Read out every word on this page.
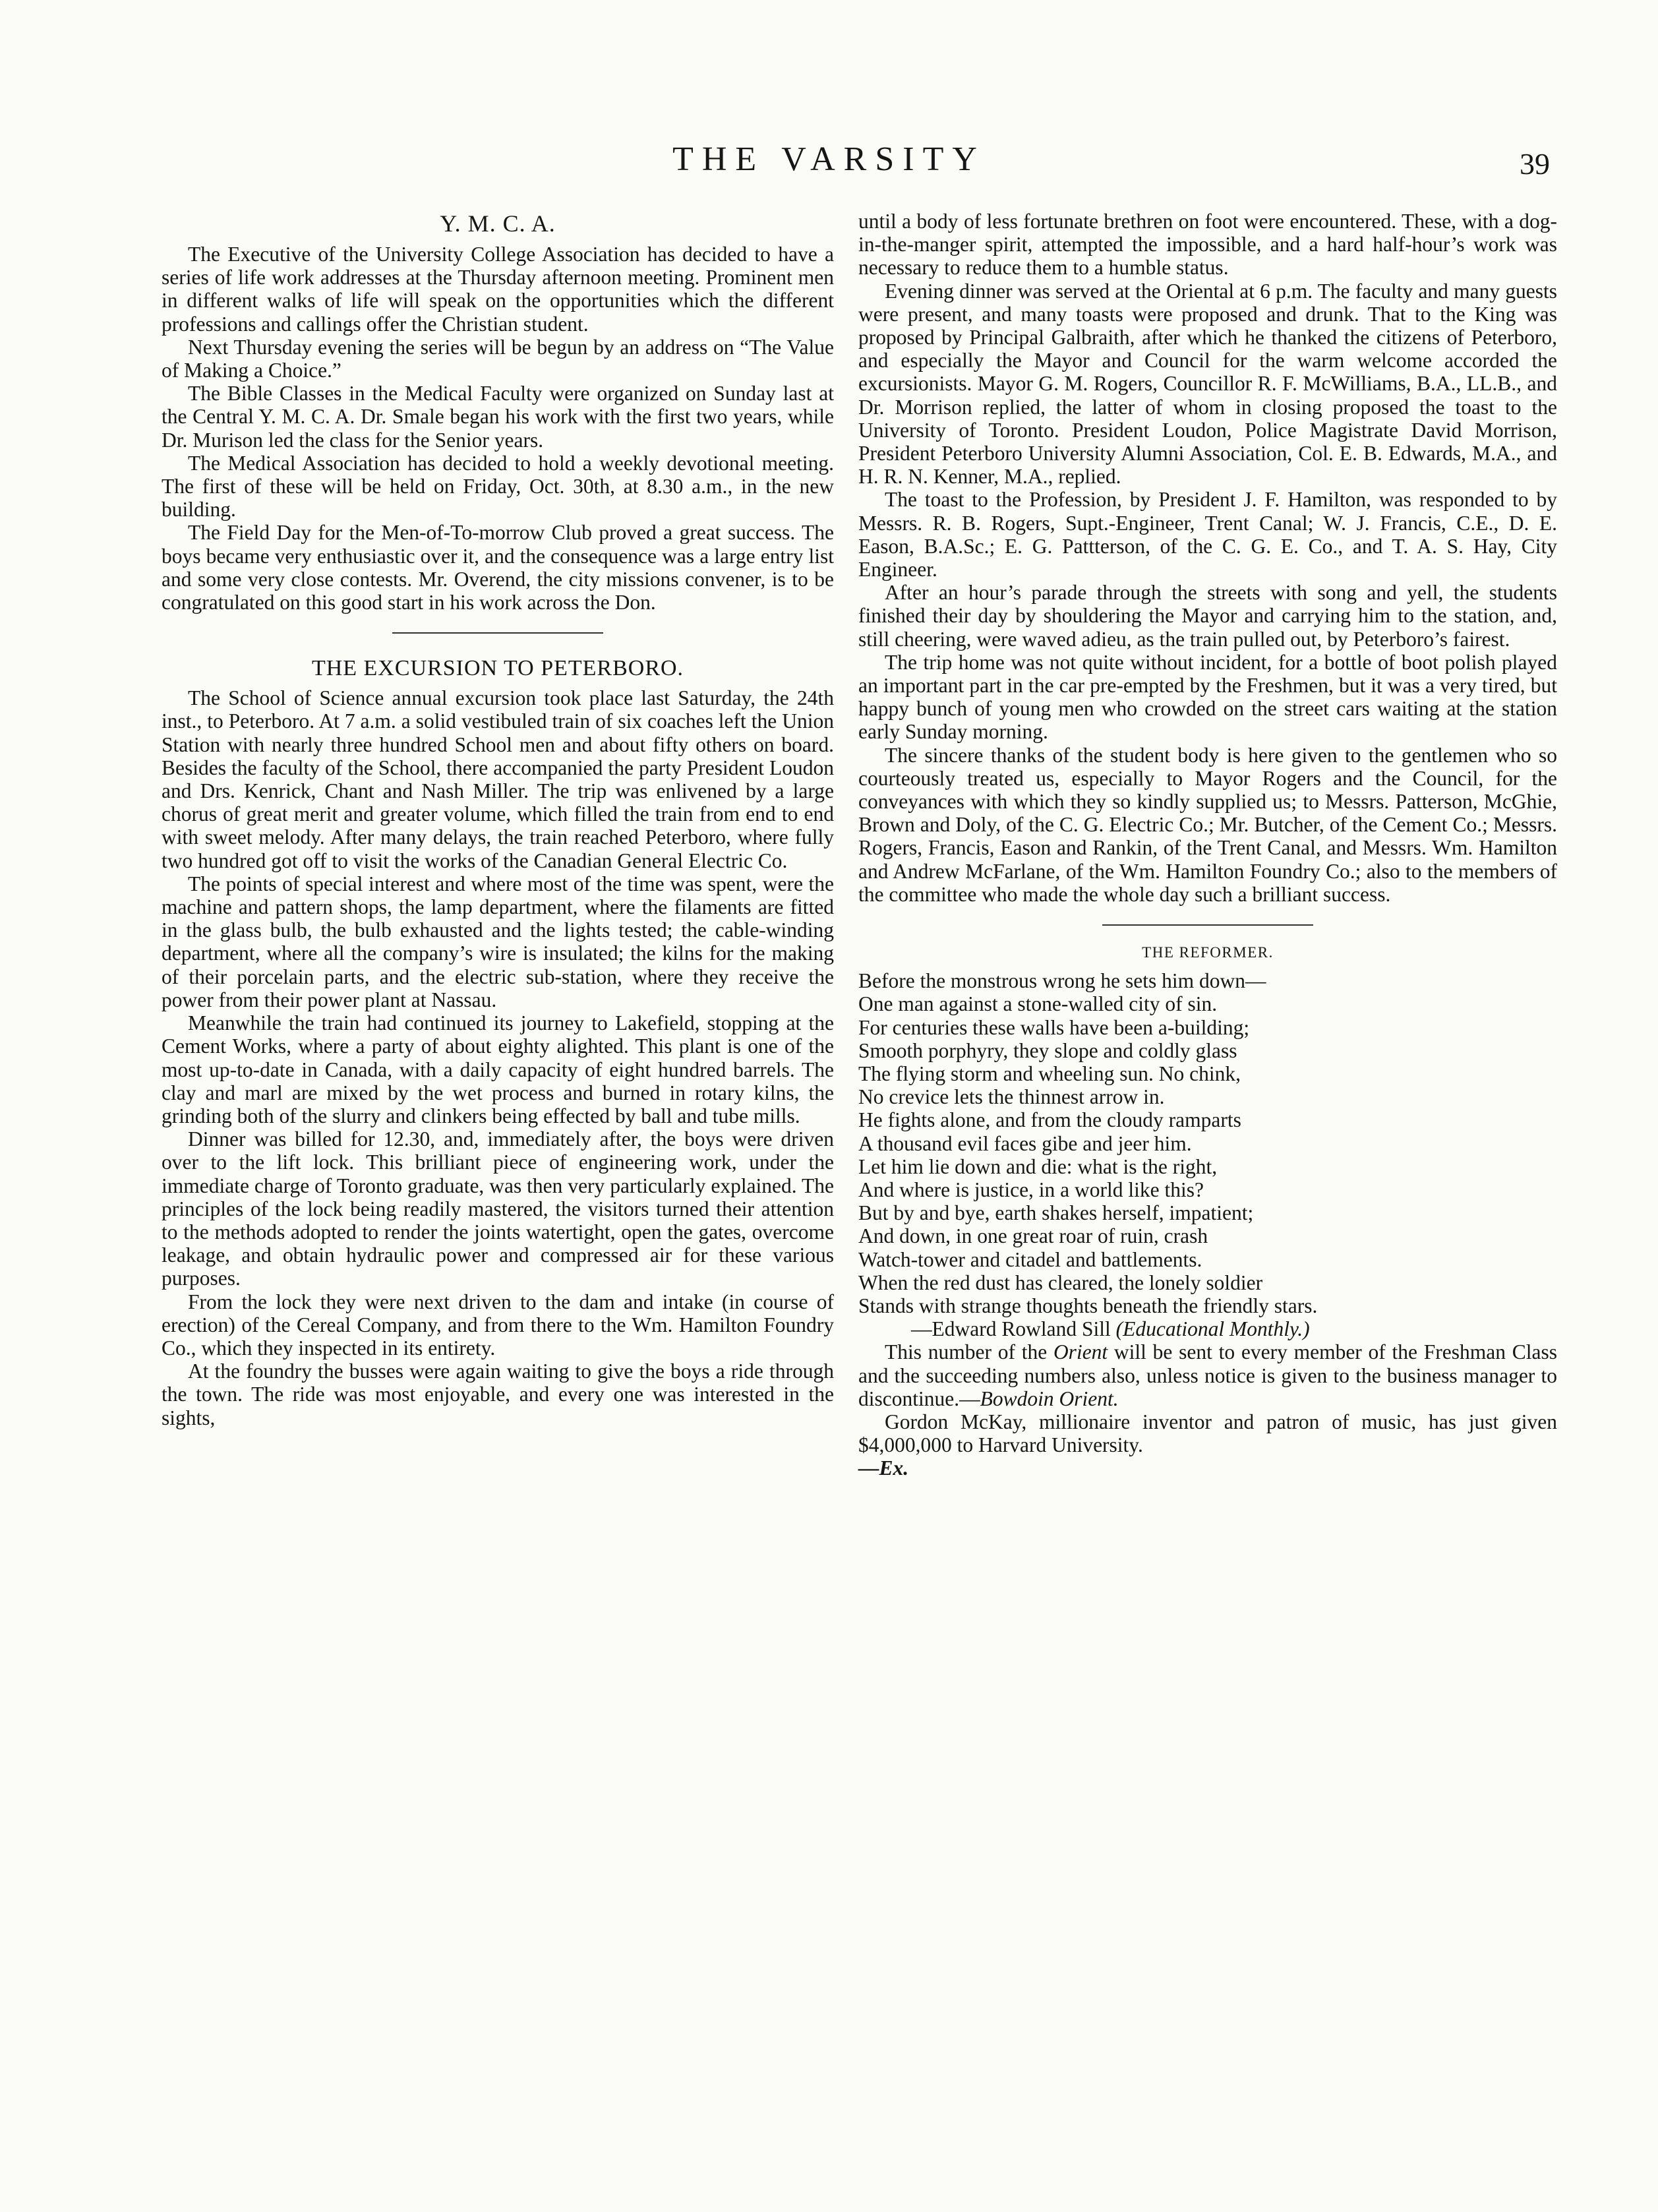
THE VARSITY	39
Y. M. C. A.

The Executive of the University College Association has decided to have a series of life work addresses at the Thursday afternoon meeting. Prominent men in different walks of life will speak on the opportunities which the different professions and callings offer the Christian student.

Next Thursday evening the series will be begun by an address on “The Value of Making a Choice.”

The Bible Classes in the Medical Faculty were organized on Sunday last at the Central Y. M. C. A. Dr. Smale began his work with the first two years, while Dr. Murison led the class for the Senior years.

The Medical Association has decided to hold a weekly devotional meeting. The first of these will be held on Friday, Oct. 30th, at 8.30 a.m., in the new building.

The Field Day for the Men-of-To-morrow Club proved a great success. The boys became very enthusiastic over it, and the consequence was a large entry list and some very close contests. Mr. Overend, the city missions convener, is to be congratulated on this good start in his work across the Don.

THE EXCURSION TO PETERBORO.

The School of Science annual excursion took place last Saturday, the 24th inst., to Peterboro. At 7 a.m. a solid vestibuled train of six coaches left the Union Station with nearly three hundred School men and about fifty others on board. Besides the faculty of the School, there accompanied the party President Loudon and Drs. Kenrick, Chant and Nash Miller. The trip was enlivened by a large chorus of great merit and greater volume, which filled the train from end to end with sweet melody. After many delays, the train reached Peterboro, where fully two hundred got off to visit the works of the Canadian General Electric Co.

The points of special interest and where most of the time was spent, were the machine and pattern shops, the lamp department, where the filaments are fitted in the glass bulb, the bulb exhausted and the lights tested; the cable-winding department, where all the company’s wire is insulated; the kilns for the making of their porcelain parts, and the electric sub-station, where they receive the power from their power plant at Nassau.

Meanwhile the train had continued its journey to Lakefield, stopping at the Cement Works, where a party of about eighty alighted. This plant is one of the most up-to-date in Canada, with a daily capacity of eight hundred barrels. The clay and marl are mixed by the wet process and burned in rotary kilns, the grinding both of the slurry and clinkers being effected by ball and tube mills.

Dinner was billed for 12.30, and, immediately after, the boys were driven over to the lift lock. This brilliant piece of engineering work, under the immediate charge of Toronto graduate, was then very particularly explained. The principles of the lock being readily mastered, the visitors turned their attention to the methods adopted to render the joints watertight, open the gates, overcome leakage, and obtain hydraulic power and compressed air for these various purposes.

From the lock they were next driven to the dam and intake (in course of erection) of the Cereal Company, and from there to the Wm. Hamilton Foundry Co., which they inspected in its entirety.

At the foundry the busses were again waiting to give the boys a ride through the town. The ride was most enjoyable, and every one was interested in the sights,

until a body of less fortunate brethren on foot were encountered. These, with a dog-in-the-manger spirit, attempted the impossible, and a hard half-hour’s work was necessary to reduce them to a humble status.

Evening dinner was served at the Oriental at 6 p.m. The faculty and many guests were present, and many toasts were proposed and drunk. That to the King was proposed by Principal Galbraith, after which he thanked the citizens of Peterboro, and especially the Mayor and Council for the warm welcome accorded the excursionists. Mayor G. M. Rogers, Councillor R. F. McWilliams, B.A., LL.B., and Dr. Morrison replied, the latter of whom in closing proposed the toast to the University of Toronto. President Loudon, Police Magistrate David Morrison, President Peterboro University Alumni Association, Col. E. B. Edwards, M.A., and H. R. N. Kenner, M.A., replied.

The toast to the Profession, by President J. F. Hamilton, was responded to by Messrs. R. B. Rogers, Supt.-Engineer, Trent Canal; W. J. Francis, C.E., D. E. Eason, B.A.Sc.; E. G. Pattterson, of the C. G. E. Co., and T. A. S. Hay, City Engineer.

After an hour’s parade through the streets with song and yell, the students finished their day by shouldering the Mayor and carrying him to the station, and, still cheering, were waved adieu, as the train pulled out, by Peterboro’s fairest.

The trip home was not quite without incident, for a bottle of boot polish played an important part in the car pre-empted by the Freshmen, but it was a very tired, but happy bunch of young men who crowded on the street cars waiting at the station early Sunday morning.

The sincere thanks of the student body is here given to the gentlemen who so courteously treated us, especially to Mayor Rogers and the Council, for the conveyances with which they so kindly supplied us; to Messrs. Patterson, McGhie, Brown and Doly, of the C. G. Electric Co.; Mr. Butcher, of the Cement Co.; Messrs. Rogers, Francis, Eason and Rankin, of the Trent Canal, and Messrs. Wm. Hamilton and Andrew McFarlane, of the Wm. Hamilton Foundry Co.; also to the members of the committee who made the whole day such a brilliant success.

THE REFORMER.
Before the monstrous wrong he sets him down—
One man against a stone-walled city of sin.
For centuries these walls have been a-building;
Smooth porphyry, they slope and coldly glass
The flying storm and wheeling sun. No chink,
No crevice lets the thinnest arrow in.
He fights alone, and from the cloudy ramparts
A thousand evil faces gibe and jeer him.
Let him lie down and die: what is the right,
And where is justice, in a world like this?
But by and bye, earth shakes herself, impatient;
And down, in one great roar of ruin, crash
Watch-tower and citadel and battlements.
When the red dust has cleared, the lonely soldier
Stands with strange thoughts beneath the friendly stars.
—Edward Rowland Sill (Educational Monthly.)

This number of the Orient will be sent to every member of the Freshman Class and the succeeding numbers also, unless notice is given to the business manager to discontinue.—Bowdoin Orient.

Gordon McKay, millionaire inventor and patron of music, has just given $4,000,000 to Harvard University.
—Ex.
